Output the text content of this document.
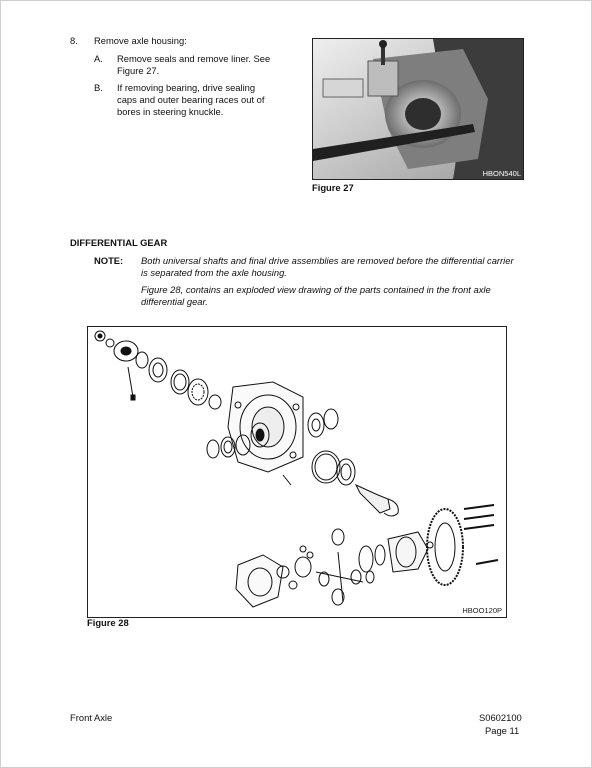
8. Remove axle housing:
A. Remove seals and remove liner. See
Figure 27.
B. If removing bearing, drive sealing
caps and outer bearing races out of
bores in steering knuckle.
HBON540L
Figure 27
DIFFERENTIAL GEAR
NOTE: Both universal shafts and final drive assemblies are removed before the differential carrier
is separated from the axle housing.
Figure 28, contains an exploded view drawing of the parts contained in the front axle
differential gear.
HBOO120P
Figure 28
Front Axle	S0602100
Page 11
